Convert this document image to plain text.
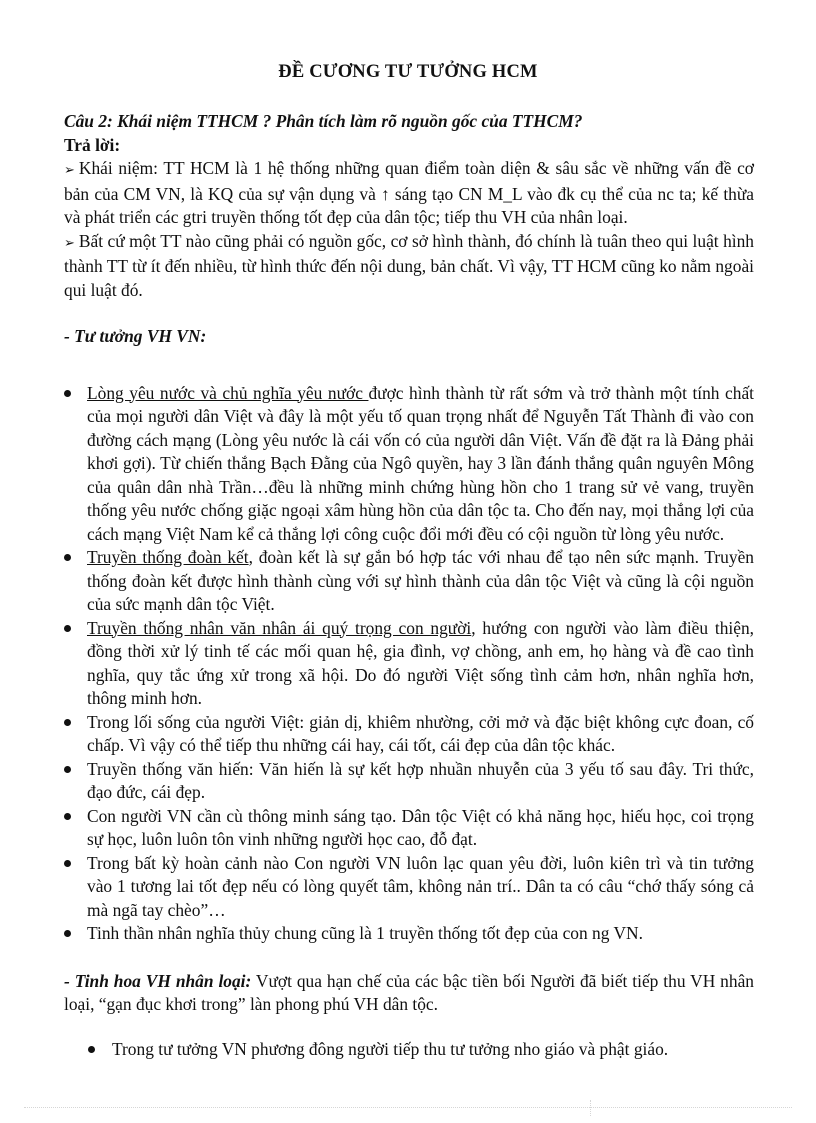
ĐỀ CƯƠNG TƯ TƯỞNG HCM

Câu 2: Khái niệm TTHCM ? Phân tích làm rõ nguồn gốc của TTHCM?

Trả lời:

➢ Khái niệm: TT HCM là 1 hệ thống những quan điểm toàn diện & sâu sắc về những vấn đề cơ bản của CM VN, là KQ của sự vận dụng và ↑ sáng tạo CN M_L vào đk cụ thể của nc ta; kế thừa và phát triển các gtri truyền thống tốt đẹp của dân tộc; tiếp thu VH của nhân loại.

➢ Bất cứ một TT nào cũng phải có nguồn gốc, cơ sở hình thành, đó chính là tuân theo qui luật hình thành TT từ ít đến nhiều, từ hình thức đến nội dung, bản chất. Vì vậy, TT HCM cũng ko nằm ngoài qui luật đó.

- Tư tưởng VH VN:

Lòng yêu nước và chủ nghĩa yêu nước được hình thành từ rất sớm và trở thành một tính chất của mọi người dân Việt và đây là một yếu tố quan trọng nhất để Nguyễn Tất Thành đi vào con đường cách mạng (Lòng yêu nước là cái vốn có của người dân Việt. Vấn đề đặt ra là Đảng phải khơi gợi). Từ chiến thắng Bạch Đằng của Ngô quyền, hay 3 lần đánh thắng quân nguyên Mông của quân dân nhà Trần…đều là những minh chứng hùng hồn cho 1 trang sử vẻ vang, truyền thống yêu nước chống giặc ngoại xâm hùng hồn của dân tộc ta. Cho đến nay, mọi thắng lợi của cách mạng Việt Nam kể cả thắng lợi công cuộc đổi mới đều có cội nguồn từ lòng yêu nước.
Truyền thống đoàn kết, đoàn kết là sự gắn bó hợp tác với nhau để tạo nên sức mạnh. Truyền thống đoàn kết được hình thành cùng với sự hình thành của dân tộc Việt và cũng là cội nguồn của sức mạnh dân tộc Việt.
Truyền thống nhân văn nhân ái quý trọng con người, hướng con người vào làm điều thiện, đồng thời xử lý tinh tế các mối quan hệ, gia đình, vợ chồng, anh em, họ hàng và đề cao tình nghĩa, quy tắc ứng xử trong xã hội. Do đó người Việt sống tình cảm hơn, nhân nghĩa hơn, thông minh hơn.
Trong lối sống của người Việt: giản dị, khiêm nhường, cởi mở và đặc biệt không cực đoan, cố chấp. Vì vậy có thể tiếp thu những cái hay, cái tốt, cái đẹp của dân tộc khác.
Truyền thống văn hiến: Văn hiến là sự kết hợp nhuần nhuyễn của 3 yếu tố sau đây. Tri thức, đạo đức, cái đẹp.
Con người VN cần cù thông minh sáng tạo. Dân tộc Việt có khả năng học, hiếu học, coi trọng sự học, luôn luôn tôn vinh những người học cao, đỗ đạt.
Trong bất kỳ hoàn cảnh nào Con người VN luôn lạc quan yêu đời, luôn kiên trì và tin tưởng vào 1 tương lai tốt đẹp nếu có lòng quyết tâm, không nản trí.. Dân ta có câu “chớ thấy sóng cả mà ngã tay chèo”…
Tinh thần nhân nghĩa thủy chung cũng là 1 truyền thống tốt đẹp của con ng VN.

- Tinh hoa VH nhân loại: Vượt qua hạn chế của các bậc tiền bối Người đã biết tiếp thu VH nhân loại, “gạn đục khơi trong” làn phong phú VH dân tộc.

Trong tư tưởng VN phương đông người tiếp thu tư tưởng nho giáo và phật giáo.
